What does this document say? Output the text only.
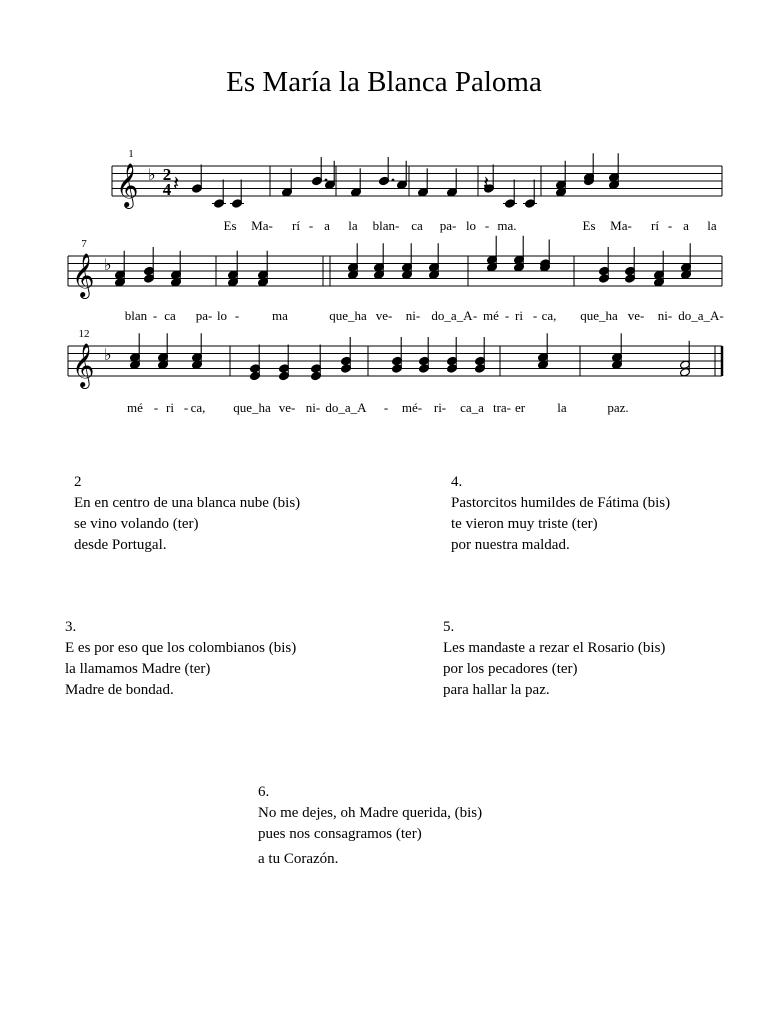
Es María la Blanca Paloma
1
𝄞 ♭ 2
4 𝄽	𝄽
Es Ma- rí - a la blan- ca pa- lo - ma.	Es Ma- rí - a la
7
𝄞 ♭
blan - ca pa- lo -	ma	que_ha ve- ni- do_a_A - mé - ri - ca, que_ha ve- ni- do_a_A-
12
𝄞 ♭
mé - ri - ca, que_ha ve- ni- do_a_A - mé- ri- ca_a tra- er la	paz.
2
En en centro de una blanca nube (bis)
se vino volando (ter)
desde Portugal.
4.
Pastorcitos humildes de Fátima (bis)
te vieron muy triste (ter)
por nuestra maldad.
3.
E es por eso que los colombianos (bis)
la llamamos Madre (ter)
Madre de bondad.
5.
Les mandaste a rezar el Rosario (bis)
por los pecadores (ter)
para hallar la paz.
6.
No me dejes, oh Madre querida, (bis)
pues nos consagramos (ter)
a tu Corazón.
